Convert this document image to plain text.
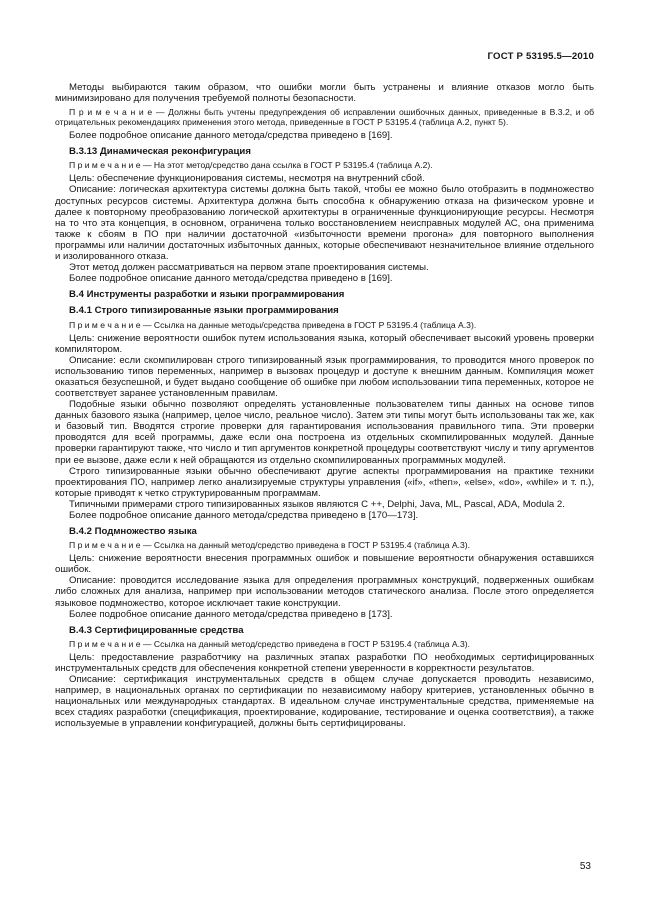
ГОСТ Р 53195.5—2010

Методы выбираются таким образом, что ошибки могли быть устранены и влияние отказов могло быть минимизировано для получения требуемой полноты безопасности.

П р и м е ч а н и е — Должны быть учтены предупреждения об исправлении ошибочных данных, приведенные в В.3.2, и об отрицательных рекомендациях применения этого метода, приведенные в ГОСТ Р 53195.4 (таблица А.2, пункт 5).

Более подробное описание данного метода/средства приведено в [169].

В.3.13 Динамическая реконфигурация

П р и м е ч а н и е — На этот метод/средство дана ссылка в ГОСТ Р 53195.4 (таблица А.2).

Цель: обеспечение функционирования системы, несмотря на внутренний сбой.

Описание: логическая архитектура системы должна быть такой, чтобы ее можно было отобразить в подмножество доступных ресурсов системы. Архитектура должна быть способна к обнаружению отказа на физическом уровне и далее к повторному преобразованию логической архитектуры в ограниченные функционирующие ресурсы. Несмотря на то что эта концепция, в основном, ограничена только восстановлением неисправных модулей АС, она применима также к сбоям в ПО при наличии достаточной «избыточности времени прогона» для повторного выполнения программы или наличии достаточных избыточных данных, которые обеспечивают незначительное влияние отдельного и изолированного отказа.

Этот метод должен рассматриваться на первом этапе проектирования системы.

Более подробное описание данного метода/средства приведено в [169].

В.4 Инструменты разработки и языки программирования

В.4.1 Строго типизированные языки программирования

П р и м е ч а н и е — Ссылка на данные методы/средства приведена в ГОСТ Р 53195.4 (таблица А.3).

Цель: снижение вероятности ошибок путем использования языка, который обеспечивает высокий уровень проверки компилятором.

Описание: если скомпилирован строго типизированный язык программирования, то проводится много проверок по использованию типов переменных, например в вызовах процедур и доступе к внешним данным. Компиляция может оказаться безуспешной, и будет выдано сообщение об ошибке при любом использовании типа переменных, которое не соответствует заранее установленным правилам.

Подобные языки обычно позволяют определять установленные пользователем типы данных на основе типов данных базового языка (например, целое число, реальное число). Затем эти типы могут быть использованы так же, как и базовый тип. Вводятся строгие проверки для гарантирования использования правильного типа. Эти проверки проводятся для всей программы, даже если она построена из отдельных скомпилированных модулей. Данные проверки гарантируют также, что число и тип аргументов конкретной процедуры соответствуют числу и типу аргументов при ее вызове, даже если к ней обращаются из отдельно скомпилированных программных модулей.

Строго типизированные языки обычно обеспечивают другие аспекты программирования на практике техники проектирования ПО, например легко анализируемые структуры управления («if», «then», «else», «do», «while» и т. п.), которые приводят к четко структурированным программам.

Типичными примерами строго типизированных языков являются С ++, Delphi, Java, ML, Pascal, ADA, Modula 2.

Более подробное описание данного метода/средства приведено в [170—173].

В.4.2 Подмножество языка

П р и м е ч а н и е — Ссылка на данный метод/средство приведена в ГОСТ Р 53195.4 (таблица А.3).

Цель: снижение вероятности внесения программных ошибок и повышение вероятности обнаружения оставшихся ошибок.

Описание: проводится исследование языка для определения программных конструкций, подверженных ошибкам либо сложных для анализа, например при использовании методов статического анализа. После этого определяется языковое подмножество, которое исключает такие конструкции.

Более подробное описание данного метода/средства приведено в [173].

В.4.3 Сертифицированные средства

П р и м е ч а н и е — Ссылка на данный метод/средство приведена в ГОСТ Р 53195.4 (таблица А.3).

Цель: предоставление разработчику на различных этапах разработки ПО необходимых сертифицированных инструментальных средств для обеспечения конкретной степени уверенности в корректности результатов.

Описание: сертификация инструментальных средств в общем случае допускается проводить независимо, например, в национальных органах по сертификации по независимому набору критериев, установленных обычно в национальных или международных стандартах. В идеальном случае инструментальные средства, применяемые на всех стадиях разработки (спецификация, проектирование, кодирование, тестирование и оценка соответствия), а также используемые в управлении конфигурацией, должны быть сертифицированы.

53
